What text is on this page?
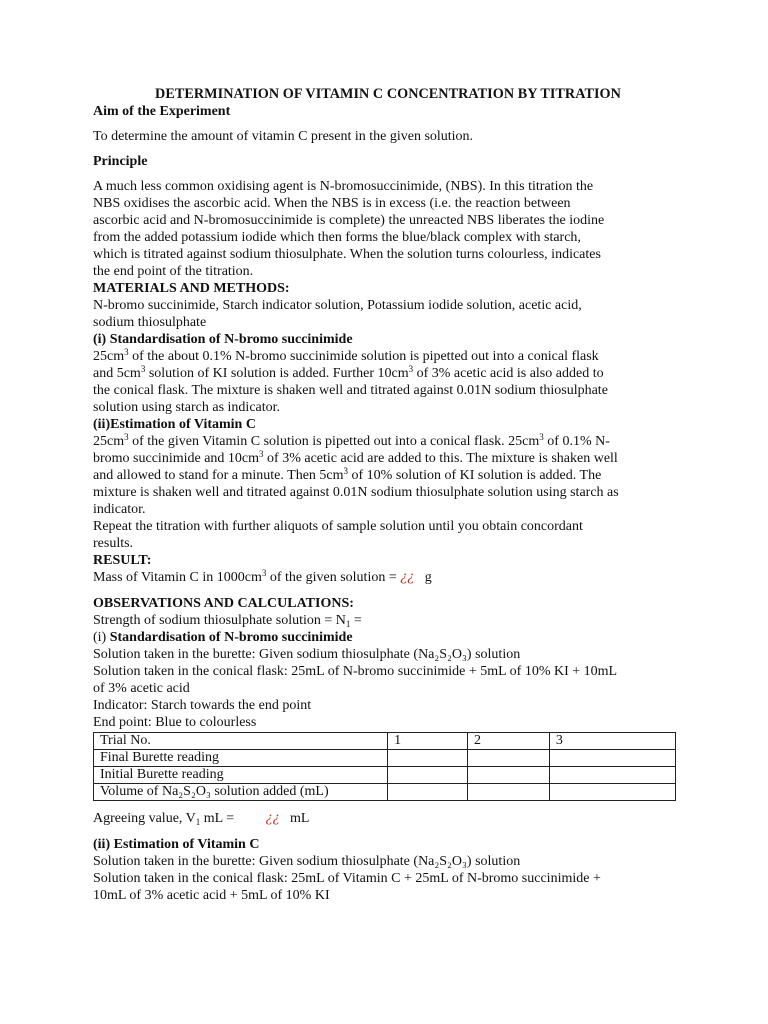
DETERMINATION OF VITAMIN C CONCENTRATION BY TITRATION

Aim of the Experiment

To determine the amount of vitamin C present in the given solution.

Principle

A much less common oxidising agent is N-bromosuccinimide, (NBS). In this titration the

NBS oxidises the ascorbic acid. When the NBS is in excess (i.e. the reaction between

ascorbic acid and N-bromosuccinimide is complete) the unreacted NBS liberates the iodine

from the added potassium iodide which then forms the blue/black complex with starch,

which is titrated against sodium thiosulphate. When the solution turns colourless, indicates

the end point of the titration.

MATERIALS AND METHODS:

N-bromo succinimide, Starch indicator solution, Potassium iodide solution, acetic acid,

sodium thiosulphate

(i) Standardisation of N-bromo succinimide

$25cm^3$ of the about 0.1% N-bromo succinimide solution is pipetted out into a conical flask

and $5cm^3$ solution of KI solution is added. Further $10cm^3$ of 3% acetic acid is also added to

the conical flask. The mixture is shaken well and titrated against 0.01N sodium thiosulphate

solution using starch as indicator.

(ii)Estimation of Vitamin C

$25cm^3$ of the given Vitamin C solution is pipetted out into a conical flask. $25cm^3$ of 0.1% N-

bromo succinimide and $10cm^3$ of 3% acetic acid are added to this. The mixture is shaken well

and allowed to stand for a minute. Then $5cm^3$ of 10% solution of KI solution is added. The

mixture is shaken well and titrated against 0.01N sodium thiosulphate solution using starch as

indicator.

Repeat the titration with further aliquots of sample solution until you obtain concordant

results.

RESULT:

Mass of Vitamin C in $1000cm^3$ of the given solution = ¿¿ g

OBSERVATIONS AND CALCULATIONS:

Strength of sodium thiosulphate solution = $N_1$ =

(i) Standardisation of N-bromo succinimide

Solution taken in the burette: Given sodium thiosulphate (Na₂S₂O₃) solution

Solution taken in the conical flask: 25mL of N-bromo succinimide + 5mL of 10% KI + 10mL

of 3% acetic acid

Indicator: Starch towards the end point

End point: Blue to colourless

Trial No.	1	2	3
Final Burette reading			
Initial Burette reading			
Volume of Na₂S₂O₃ solution added (mL)			

Agreeing value, $V_1$ mL =         ¿¿ mL

(ii) Estimation of Vitamin C

Solution taken in the burette: Given sodium thiosulphate (Na₂S₂O₃) solution

Solution taken in the conical flask: 25mL of Vitamin C + 25mL of N-bromo succinimide +

10mL of 3% acetic acid + 5mL of 10% KI
